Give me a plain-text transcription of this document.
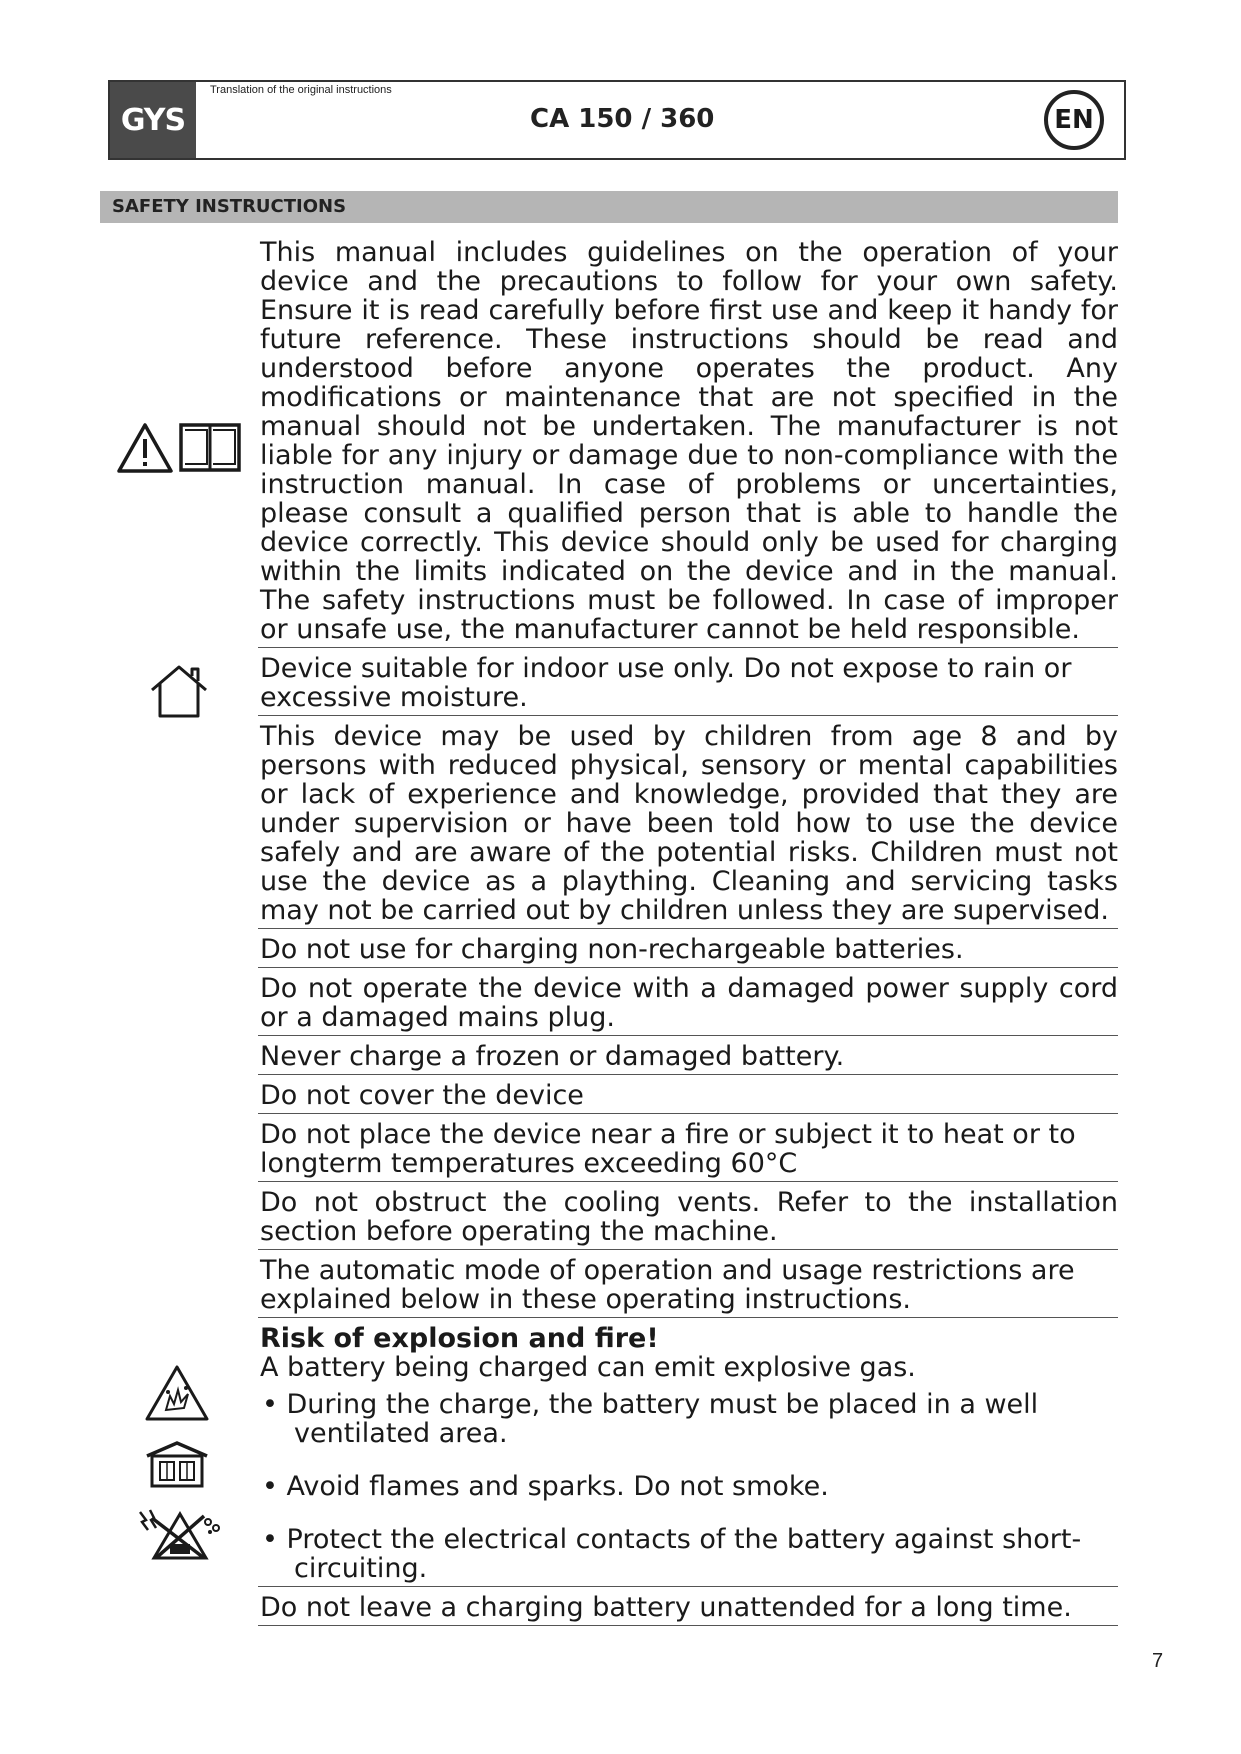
GYS
Translation of the original instructions
CA 150 / 360	EN
SAFETY INSTRUCTIONS
This manual includes guidelines on the operation of your device and the precautions to follow for your own safety. Ensure it is read carefully before first use and keep it handy for future reference. These instructions should be read and understood before anyone operates the product. Any modifications or maintenance that are not specified in the manual should not be undertaken. The manufacturer is not liable for any injury or damage due to non-compliance with the instruction manual. In case of problems or uncertainties, please consult a qualified person that is able to handle the device correctly. This device should only be used for charging within the limits indicated on the device and in the manual. The safety instructions must be followed. In case of improper or unsafe use, the manufacturer cannot be held responsible.
Device suitable for indoor use only. Do not expose to rain or excessive moisture.
This device may be used by children from age 8 and by persons with reduced physical, sensory or mental capabilities or lack of experience and knowledge, provided that they are under supervision or have been told how to use the device safely and are aware of the potential risks. Children must not use the device as a plaything. Cleaning and servicing tasks may not be carried out by children unless they are supervised.
Do not use for charging non-rechargeable batteries.
Do not operate the device with a damaged power supply cord or a damaged mains plug.
Never charge a frozen or damaged battery.
Do not cover the device
Do not place the device near a fire or subject it to heat or to longterm temperatures exceeding 60°C
Do not obstruct the cooling vents. Refer to the installation section before operating the machine.
The automatic mode of operation and usage restrictions are explained below in these operating instructions.
Risk of explosion and fire!
A battery being charged can emit explosive gas.
• During the charge, the battery must be placed in a well ventilated area.
• Avoid flames and sparks. Do not smoke.
• Protect the electrical contacts of the battery against short-circuiting.
Do not leave a charging battery unattended for a long time.
7
